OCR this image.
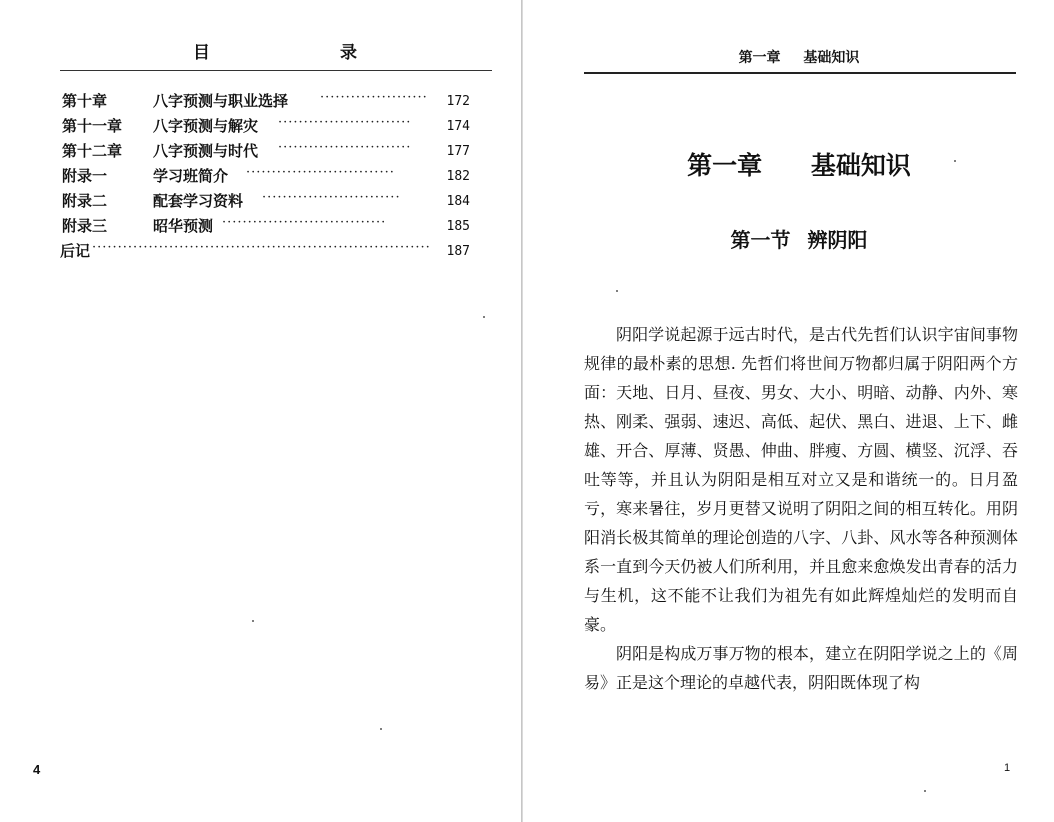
目 录
第十章	八字预测与职业选择 ·····················	172
第十一章 八字预测与解灾 ··························	174
第十二章 八字预测与时代 ··························	177
附录一	学习班简介 ·····························	182
附录二	配套学习资料 ···························	184
附录三	昭华预测 ································	185
后记 ··································································	187
4
第一章 基础知识
第一章 基础知识
第一节 辨阴阳

阴阳学说起源于远古时代，是古代先哲们认识宇宙间事物规律的最朴素的思想. 先哲们将世间万物都归属于阴阳两个方面：天地、日月、昼夜、男女、大小、明暗、动静、内外、寒热、刚柔、强弱、速迟、高低、起伏、黑白、进退、上下、雌雄、开合、厚薄、贤愚、伸曲、胖瘦、方圆、横竖、沉浮、吞吐等等，并且认为阴阳是相互对立又是和谐统一的。日月盈亏，寒来暑往，岁月更替又说明了阴阳之间的相互转化。用阴阳消长极其简单的理论创造的八字、八卦、风水等各种预测体系一直到今天仍被人们所利用，并且愈来愈焕发出青春的活力与生机，这不能不让我们为祖先有如此辉煌灿烂的发明而自豪。

阴阳是构成万事万物的根本，建立在阴阳学说之上的《周易》正是这个理论的卓越代表，阴阳既体现了构

1
